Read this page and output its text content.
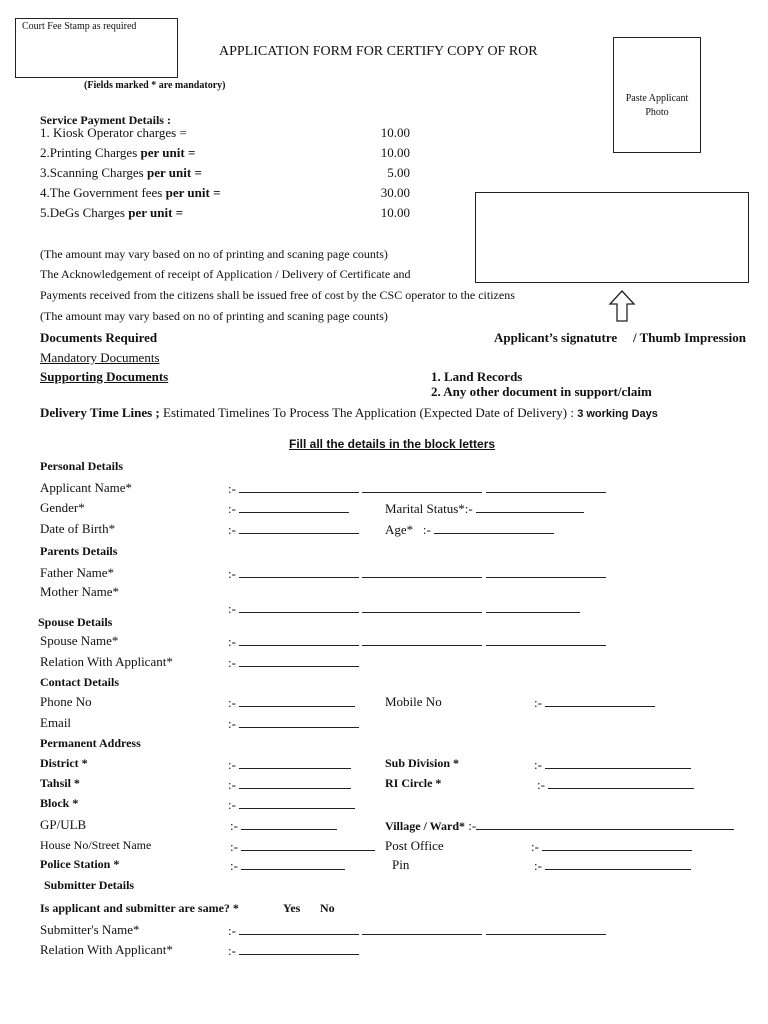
Court Fee Stamp as required
APPLICATION FORM FOR CERTIFY COPY OF ROR
(Fields marked * are mandatory)
Paste Applicant
Photo
Service Payment Details :
1. Kiosk Operator charges =	10.00
2.Printing Charges per unit =	10.00
3.Scanning Charges per unit =	5.00
4.The Government fees per unit =	30.00
5.DeGs Charges per unit =	10.00
(The amount may vary based on no of printing and scaning page counts)
The Acknowledgement of receipt of Application / Delivery of Certificate and
Payments received from the citizens shall be issued free of cost by the CSC operator to the citizens
(The amount may vary based on no of printing and scaning page counts)
Documents Required	Applicant’s signatutre / Thumb Impression
Mandatory Documents
Supporting Documents	1. Land Records
2. Any other document in support/claim
Delivery Time Lines ; Estimated Timelines To Process The Application (Expected Date of Delivery) : 3 working Days
Fill all the details in the block letters
Personal Details
Applicant Name*	:-
Gender*	:-	Marital Status*:-
Date of Birth*	:-	Age* :-
Parents Details
Father Name*	:-
Mother Name*
:-
Spouse Details
Spouse Name*	:-
Relation With Applicant*	:-
Contact Details
Phone No	:-	Mobile No	:-
Email	:-
Permanent Address
District *	:-	Sub Division *	:-
Tahsil *	:-	RI Circle *	:-
Block *	:-
GP/ULB	:-	Village / Ward* :-
House No/Street Name	:-	Post Office	:-
Police Station *	:-	Pin	:-
Submitter Details
Is applicant and submitter are same? *	Yes No
Submitter's Name*	:-
Relation With Applicant*	:-
